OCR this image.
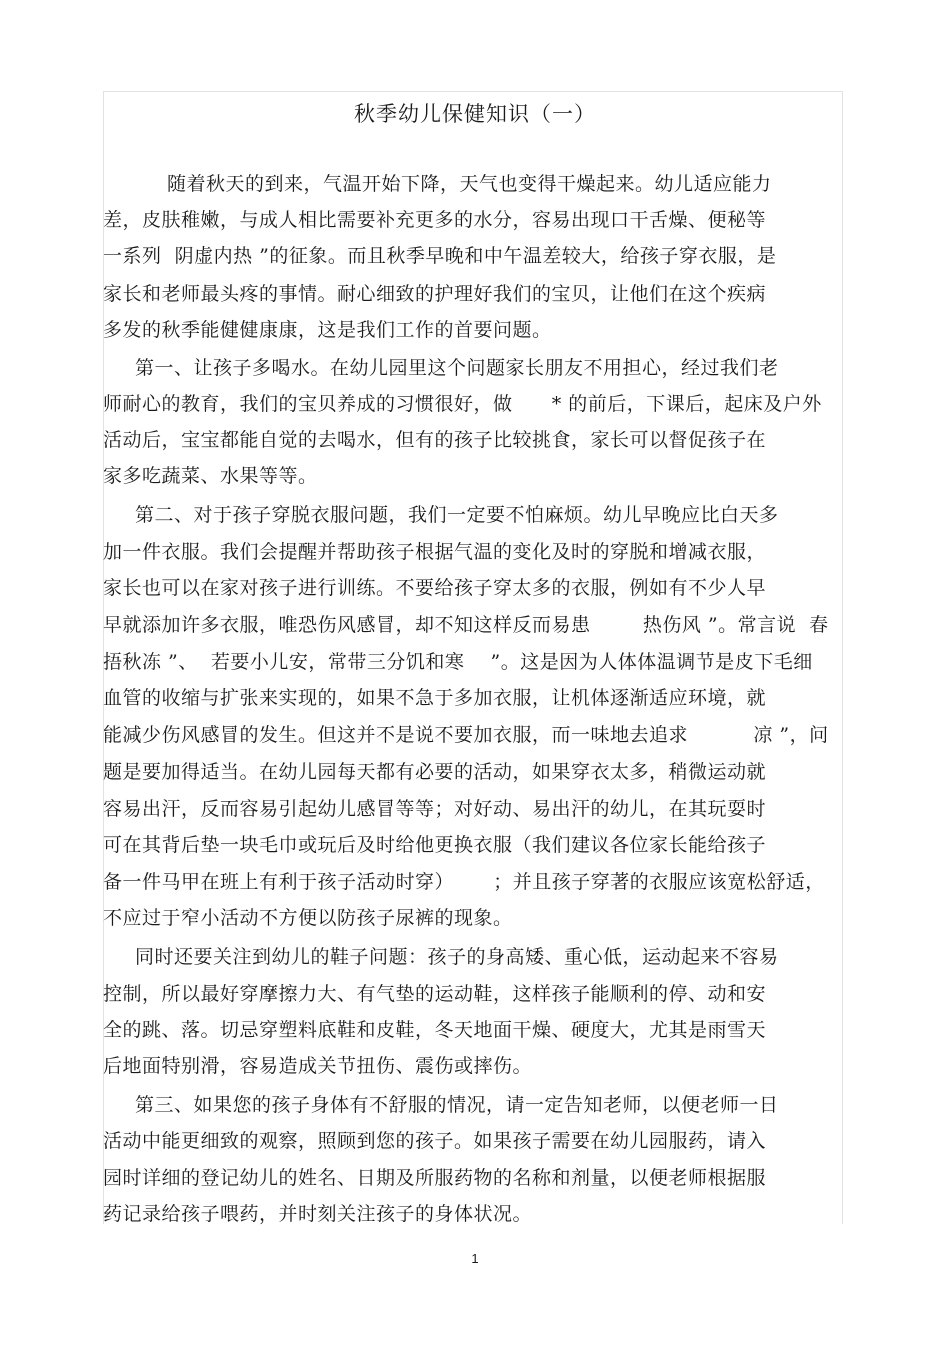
秋季幼儿保健知识（一）
随着秋天的到来，气温开始下降，天气也变得干燥起来。幼儿适应能力
差，皮肤稚嫩，与成人相比需要补充更多的水分，容易出现口干舌燥、便秘等
一系列  阴虚内热 ”的征象。而且秋季早晚和中午温差较大，给孩子穿衣服，是
家长和老师最头疼的事情。耐心细致的护理好我们的宝贝，让他们在这个疾病
多发的秋季能健健康康，这是我们工作的首要问题。
第一、让孩子多喝水。在幼儿园里这个问题家长朋友不用担心，经过我们老
师耐心的教育，我们的宝贝养成的习惯很好，做      * 的前后，下课后，起床及户外
活动后，宝宝都能自觉的去喝水，但有的孩子比较挑食，家长可以督促孩子在
家多吃蔬菜、水果等等。
第二、对于孩子穿脱衣服问题，我们一定要不怕麻烦。幼儿早晚应比白天多
加一件衣服。我们会提醒并帮助孩子根据气温的变化及时的穿脱和增减衣服，
家长也可以在家对孩子进行训练。不要给孩子穿太多的衣服，例如有不少人早
早就添加许多衣服，唯恐伤风感冒，却不知这样反而易患        热伤风 ”。常言说  春
捂秋冻 ”、  若要小儿安，常带三分饥和寒    ”。这是因为人体体温调节是皮下毛细
血管的收缩与扩张来实现的，如果不急于多加衣服，让机体逐渐适应环境，就
能减少伤风感冒的发生。但这并不是说不要加衣服，而一味地去追求          凉 ”，问
题是要加得适当。在幼儿园每天都有必要的活动，如果穿衣太多，稍微运动就
容易出汗，反而容易引起幼儿感冒等等；对好动、易出汗的幼儿，在其玩耍时
可在其背后垫一块毛巾或玩后及时给他更换衣服（我们建议各位家长能给孩子
备一件马甲在班上有利于孩子活动时穿）      ；并且孩子穿著的衣服应该宽松舒适，
不应过于窄小活动不方便以防孩子尿裤的现象。
同时还要关注到幼儿的鞋子问题：孩子的身高矮、重心低，运动起来不容易
控制，所以最好穿摩擦力大、有气垫的运动鞋，这样孩子能顺利的停、动和安
全的跳、落。切忌穿塑料底鞋和皮鞋，冬天地面干燥、硬度大，尤其是雨雪天
后地面特别滑，容易造成关节扭伤、震伤或摔伤。
第三、如果您的孩子身体有不舒服的情况，请一定告知老师，以便老师一日
活动中能更细致的观察，照顾到您的孩子。如果孩子需要在幼儿园服药，请入
园时详细的登记幼儿的姓名、日期及所服药物的名称和剂量，以便老师根据服
药记录给孩子喂药，并时刻关注孩子的身体状况。
1
